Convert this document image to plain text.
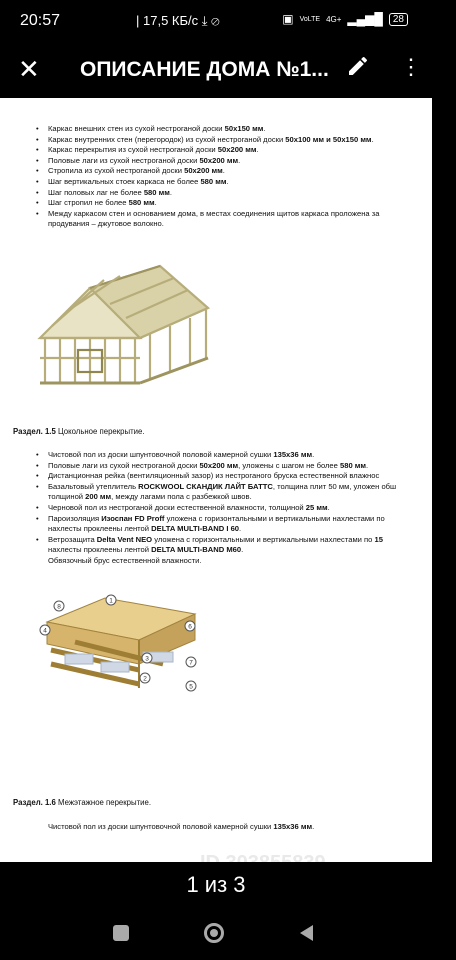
20:57	| 17,5 КБ/с ⤓ ⊘	▣ VoLTE 4G+ ▂▄▆█	28
✕ ОПИСАНИЕ ДОМА №1...	⋮
• Каркас внешних стен из сухой нестроганой доски 50х150 мм.
• Каркас внутренних стен (перегородок) из сухой нестроганой доски 50х100 мм и 50х150 мм.
• Каркас перекрытия из сухой нестроганой доски 50х200 мм.
• Половые лаги из сухой нестроганой доски 50х200 мм.
• Стропила из сухой нестроганой доски 50х200 мм.
• Шаг вертикальных стоек каркаса не более 580 мм.
• Шаг половых лаг не более 580 мм.
• Шаг стропил не более 580 мм.
• Между каркасом стен и основанием дома, в местах соединения щитов каркаса проложена за
продувания – джутовое волокно.
Раздел. 1.5 Цокольное перекрытие.
• Чистовой пол из доски шпунтовочной половой камерной сушки 135х36 мм.
• Половые лаги из сухой нестроганой доски 50х200 мм, уложены с шагом не более 580 мм.
• Дистанционная рейка (вентиляционный зазор) из нестроганого бруска естественной влажнос
• Базальтовый утеплитель ROCKWOOL СКАНДИК ЛАЙТ БАТТС, толщина плит 50 мм, уложен обш
толщиной 200 мм, между лагами пола с разбежкой швов.
• Черновой пол из нестроганой доски естественной влажности, толщиной 25 мм.
• Пароизоляция Изоспан FD Proff уложена с горизонтальными и вертикальными нахлестами по
нахлесты проклеены лентой DELTA MULTI-BAND I 60.
• Ветрозащита Delta Vent NEO уложена с горизонтальными и вертикальными нахлестами по 15
нахлесты проклеены лентой DELTA MULTI-BAND M60.
Обвязочный брус естественной влажности.
8
1
6
4
3
7
2
5
Раздел. 1.6 Межэтажное перекрытие.
Чистовой пол из доски шпунтовочной половой камерной сушки 135х36 мм.
1 из 3
